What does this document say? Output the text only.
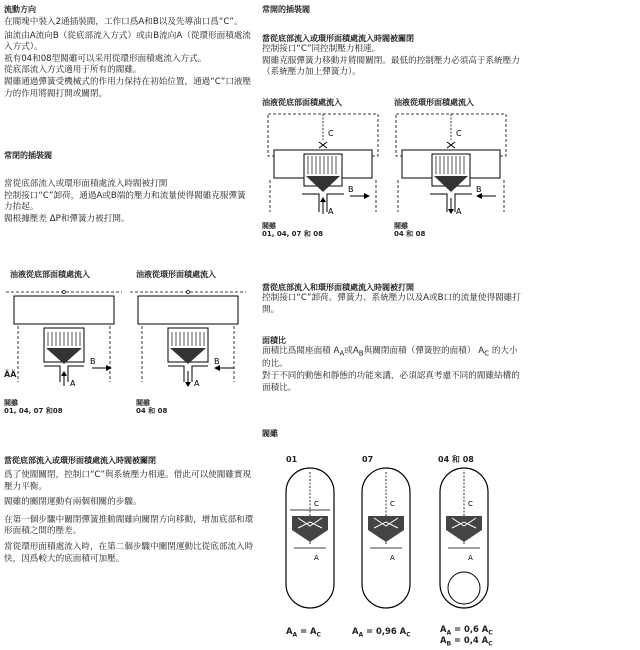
流動方向

在閥塊中裝入2通插裝閥，工作口爲A和B以及先導油口爲“C”。

油流由A流向B（從底部流入方式）或由B流向A（從環形面積處流入方式）。

祇有04和08型閥雖可以采用從環形面積處流入方式。

從底部流入方式適用于所有的閥雖。

閥雖通過彈簧受機械式的作用力保持在初始位置，通過“C”口液壓力的作用將閥打開或關閉。

常閉的插裝閥

當從底部流入或環形面積處流入時閥被打開

控制接口“C”卸荷，通過A或B端的壓力和流量使得閥雖克服彈簧力抬起。

閥根據壓差 ΔP和彈簧力被打開。

油液從底部面積處流入	油液從環形面積處流入
A
B
A
B
ÄÄ
閥雖
01, 04, 07 和08
閥雖
04 和 08

當從底部流入或環形面積處流入時閥被關閉

爲了使閥關閉，控制口“C”與系統壓力相連。借此可以使閥雖實現壓力平衡。

閥雖的關閉運動有兩個相關的步驟。

在第一個步驟中關閉彈簧推動閥雖向關閉方向移動，增加底部和環形面積之間的壓差。

當從環形面積處流入時，在第二個步驟中關閉運動比從底部流入時快，因爲較大的底面積可加壓。

常開的插裝閥

當從底部流入或環形面積處流入時閥被關閉

控制接口“C”同控制壓力相連。

閥雖克服彈簧力移動并將閥關閉。最低的控制壓力必須高于系統壓力（系統壓力加上彈簧力）。

油液從底部面積處流入	油液從環形面積處流入
C
A
B
C
A
B
閥雖
01, 04, 07 和 08
閥雖
04 和 08

當從底部流入和環形面積處流入時閥被打開

控制接口“C”卸荷。彈簧力、系統壓力以及A或B口的流量使得閥雖打開。

面積比

面積比爲閥座面積 $A_A$或$A_B$與關閉面積（彈簧腔的面積） $A_C$ 的大小的比。

對于不同的動態和靜態的功能來講，必須認真考慮不同的閥雖結構的面積比。

閥雖
01	07	04 和 08
C
A
C
A
C
A
$A_A = A_C$	$A_A = 0,96$ $A_C$
$A_A = 0,6$ $A_C$
$A_B = 0,4$ $A_C$
